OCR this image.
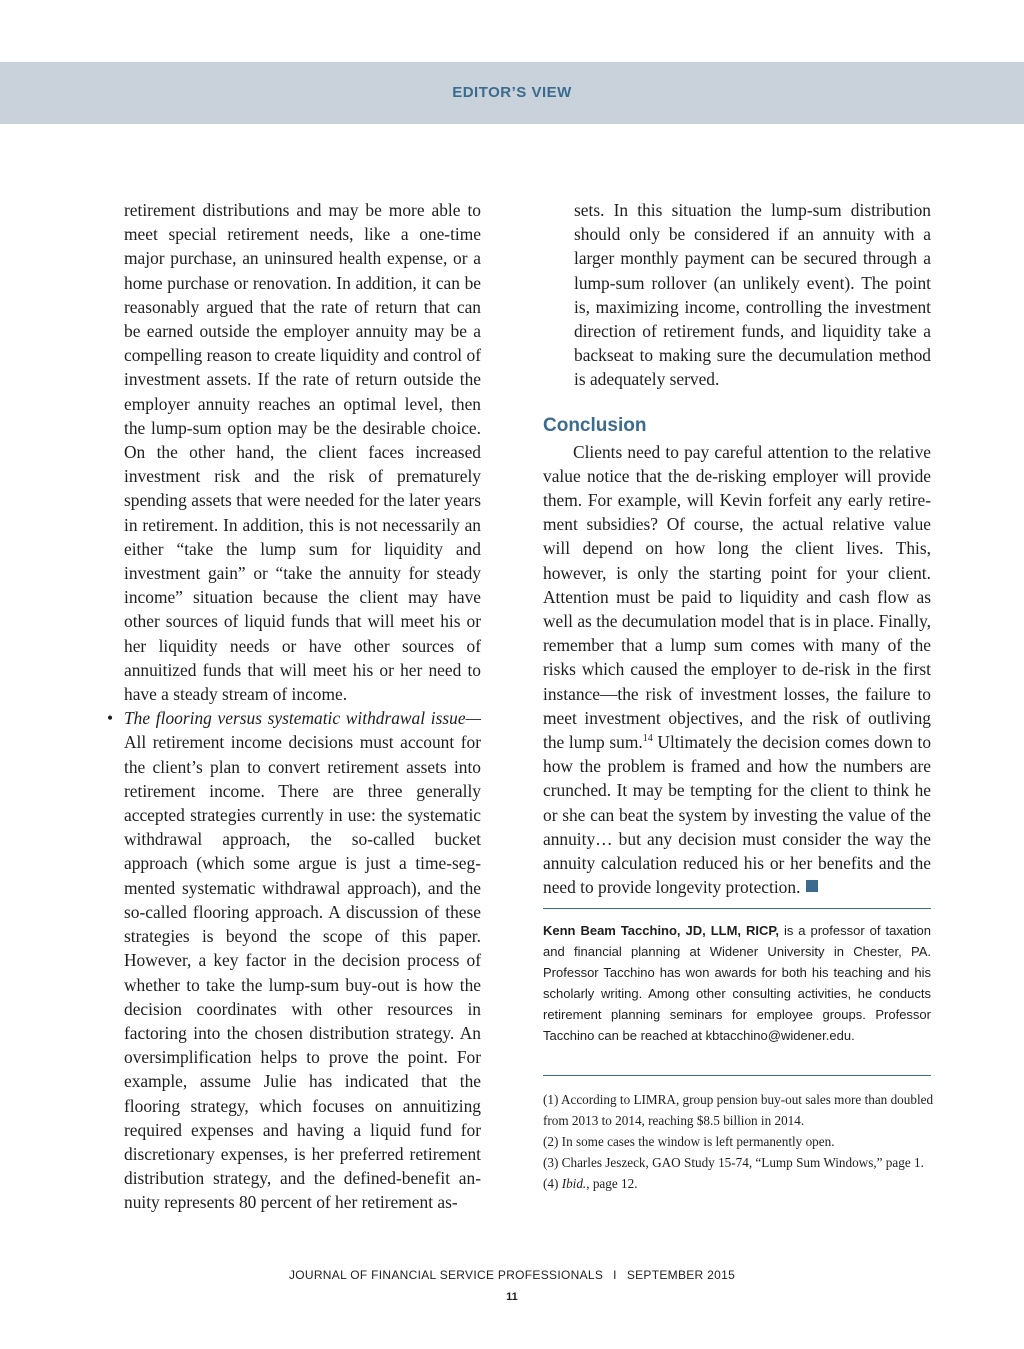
EDITOR’S VIEW

retirement distributions and may be more able to meet special retirement needs, like a one-time major purchase, an uninsured health expense, or a home purchase or renovation. In addition, it can be reasonably argued that the rate of return that can be earned outside the employer annuity may be a compelling reason to create liquidity and control of investment assets. If the rate of return outside the employer annuity reaches an optimal level, then the lump-sum option may be the desirable choice. On the other hand, the client faces increased investment risk and the risk of prematurely spending assets that were needed for the later years in retirement. In addition, this is not necessarily an either “take the lump sum for liquidity and investment gain” or “take the annuity for steady income” situation because the client may have other sources of liquid funds that will meet his or her liquidity needs or have other sources of annuitized funds that will meet his or her need to have a steady stream of income.

• The flooring versus systematic withdrawal issue—All retirement income decisions must account for the client’s plan to convert retirement assets into retirement income. There are three generally accepted strategies currently in use: the systematic withdrawal approach, the so-called bucket approach (which some argue is just a time-segmented systematic withdrawal approach), and the so-called flooring approach. A discussion of these strategies is beyond the scope of this paper. However, a key factor in the decision process of whether to take the lump-sum buy-out is how the decision coordinates with other resources in factoring into the chosen distribution strategy. An oversimplification helps to prove the point. For example, assume Julie has indicated that the flooring strategy, which focuses on annuitizing required expenses and having a liquid fund for discretionary expenses, is her preferred retirement distribution strategy, and the defined-benefit annuity represents 80 percent of her retirement as-

sets. In this situation the lump-sum distribution should only be considered if an annuity with a larger monthly payment can be secured through a lump-sum rollover (an unlikely event). The point is, maximizing income, controlling the investment direction of retirement funds, and liquidity take a backseat to making sure the decumulation method is adequately served.

Conclusion

Clients need to pay careful attention to the relative value notice that the de-risking employer will provide them. For example, will Kevin forfeit any early retirement subsidies? Of course, the actual relative value will depend on how long the client lives. This, however, is only the starting point for your client. Attention must be paid to liquidity and cash flow as well as the decumulation model that is in place. Finally, remember that a lump sum comes with many of the risks which caused the employer to de-risk in the first instance—the risk of investment losses, the failure to meet investment objectives, and the risk of outliving the lump sum.$^{14}$ Ultimately the decision comes down to how the problem is framed and how the numbers are crunched. It may be tempting for the client to think he or she can beat the system by investing the value of the annuity… but any decision must consider the way the annuity calculation reduced his or her benefits and the need to provide longevity protection.

Kenn Beam Tacchino, JD, LLM, RICP, is a professor of taxation and financial planning at Widener University in Chester, PA. Professor Tacchino has won awards for both his teaching and his scholarly writing. Among other consulting activities, he conducts retirement planning seminars for employee groups. Professor Tacchino can be reached at kbtacchino@widener.edu.
(1) According to LIMRA, group pension buy-out sales more than doubled from 2013 to 2014, reaching $8.5 billion in 2014.
(2) In some cases the window is left permanently open.
(3) Charles Jeszeck, GAO Study 15-74, “Lump Sum Windows,” page 1.
(4) Ibid., page 12.
JOURNAL OF FINANCIAL SERVICE PROFESSIONALS I SEPTEMBER 2015
11
